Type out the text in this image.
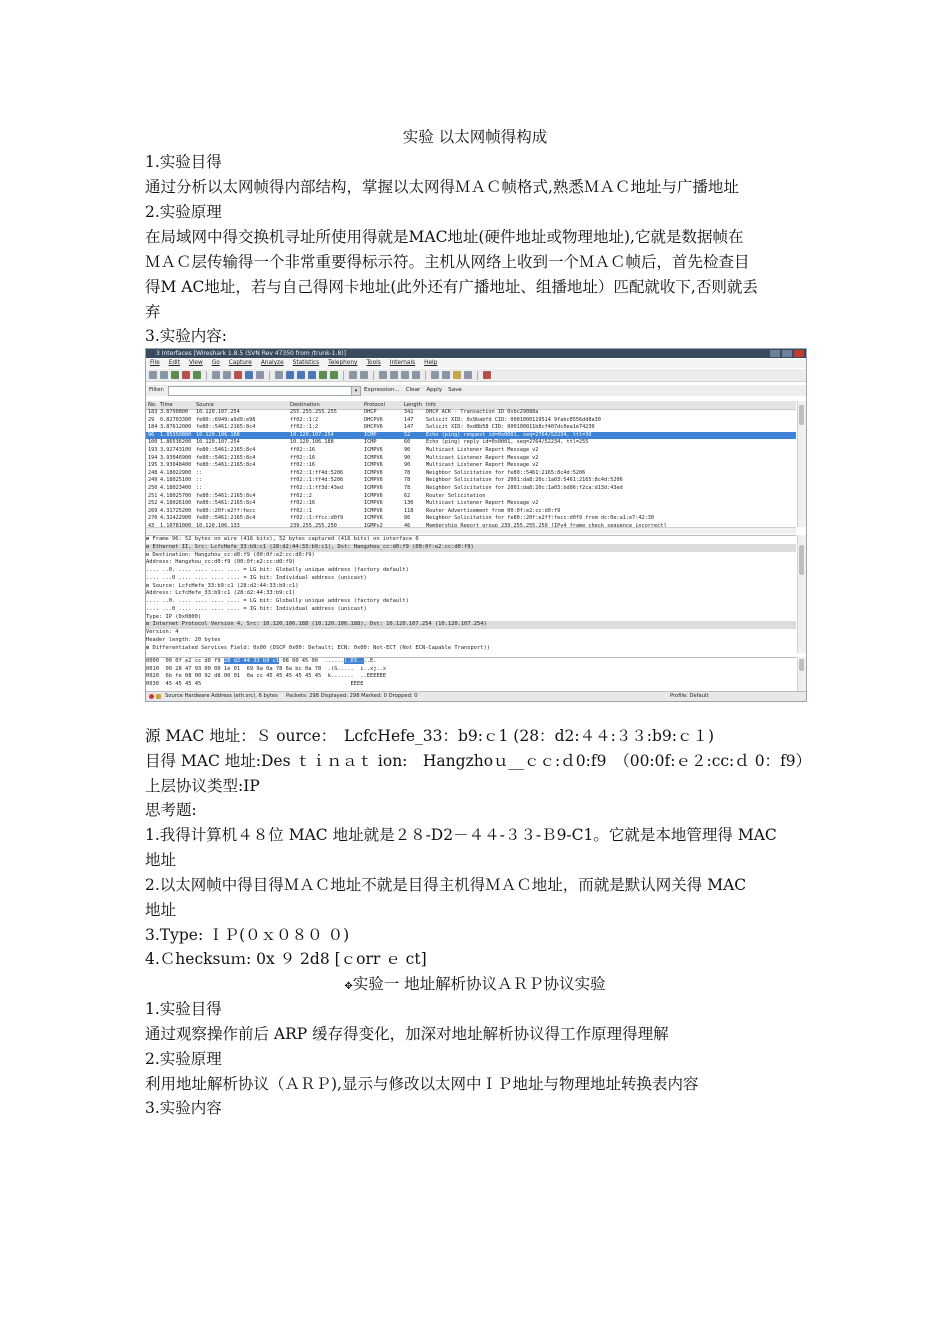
实验 以太网帧得构成
1.实验目得
通过分析以太网帧得内部结构，掌握以太网得ＭＡＣ帧格式,熟悉ＭＡＣ地址与广播地址
2.实验原理
在局域网中得交换机寻址所使用得就是MAC地址(硬件地址或物理地址),它就是数据帧在
ＭＡＣ层传输得一个非常重要得标示符。主机从网络上收到一个ＭＡＣ帧后，首先检查目
得M AC地址，若与自己得网卡地址(此外还有广播地址、组播地址）匹配就收下,否则就丢
弃
3.实验内容:
源 MAC 地址：Ｓ ource：　LcfcHefe_33：b9:ｃ1 (28：d2:４４:３３:b9:ｃ１)
目得 MAC 地址:Des ｔｉｎａｔ ion:　Hangzhoｕ__ｃｃ:ｄ0:f9　（00:0f:ｅ２:cc:ｄ 0：f9）
上层协议类型:IP
思考题:
1.我得计算机４８位 MAC 地址就是２８-D2－４４-３３-Ｂ9-C1。它就是本地管理得 MAC
地址
2.以太网帧中得目得ＭＡＣ地址不就是目得主机得ＭＡＣ地址，而就是默认网关得 MAC
地址
3.Type: ＩＰ(０ｘ０８０ ０)
4.Ｃhecksuｍ: 0x ９ 2d8 [ｃorr ｅ ct]
✥实验一 地址解析协议ＡＲＰ协议实验
1.实验目得
通过观察操作前后 ARP 缓存得变化，加深对地址解析协议得工作原理得理解
2.实验原理
利用地址解析协议（ＡＲＰ),显示与修改以太网中ＩＰ地址与物理地址转换表内容
3.实验内容
3 Interfaces [Wireshark 1.8.5 (SVN Rev 47350 from /trunk-1.8)]
File Edit View Go Capture Analyze Statistics Telephony Tools Internals Help
Filter:	▾	Expression... Clear Apply Save
No. Time	Source	Destination	Protocol	Length Info
183 3.8790800 10.120.107.254	255.255.255.255	DHCP	342 DHCP ACK - Transaction ID 0xbc29088a
29 0.82703300 fe80::6949:a9d9:e98	ff02::1:2	DHCPV6	147 Solicit XID: 0x9babfd CID: 0001000119514 9fabc8556dd8a30
184 3.87612000 fe80::5461:2165:8c4	ff02::1:2	DHCPV6	147 Solicit XID: 0xd8b58 CID: 000100011b8cf407dc0ea1e74230
96 1.85350800 10.120.106.188	10.120.107.254	ICMP	52	Echo (ping) request id=0x0001, seq=2764/52234, ttl=30
100 1.86536200 10.120.107.254	10.120.106.188	ICMP	60	Echo (ping) reply id=0x0001, seq=2764/52234, ttl=255
193 3.92743100 fe80::5461:2165:8c4	ff02::16	ICMPV6	90	Multicast Listener Report Message v2
194 3.93046900 fe80::5461:2165:8c4	ff02::16	ICMPV6	90	Multicast Listener Report Message v2
195 3.93048400 fe80::5461:2165:8c4	ff02::16	ICMPV6	90	Multicast Listener Report Message v2
248 4.18022900 ::	ff02::1:ff4d:5206	ICMPV6	78	Neighbor Solicitation for fe80::5461:2165:8c4d:5206
249 4.18025100 ::	ff02::1:ff4d:5206	ICMPV6	78	Neighbor Solicitation for 2001:da8:20c:1a03:5461:2165:8c4d:5206
250 4.18023400 ::	ff02::1:ff3d:43ed	ICMPV6	78	Neighbor Solicitation for 2001:da8:20c:1a03:bd06:f2ca:d13d:43ed
251 4.18025700 fe80::5461:2165:8c4	ff02::2	ICMPV6	62	Router Solicitation
252 4.18026100 fe80::5461:2165:8c4	ff02::16	ICMPV6	130 Multicast Listener Report Message v2
269 4.31725200 fe80::20f:e2ff:fecc	ff02::1	ICMPV6	118 Router Advertisement from 00:0f:e2:cc:d0:f9
270 4.32422900 fe80::5461:2165:8c4	ff02::1:ffcc:d0f9	ICMPV6	86	Neighbor Solicitation for fe80::20f:e2ff:fecc:d0f9 from dc:0e:a1:e7:42:30
43 1.10781000 10.120.106.133	239.255.255.250	IGMPv2	46	Membership Report group 239.255.255.250 [IPv4 frame check sequence incorrect]
⊞ Frame 96: 52 bytes on wire (416 bits), 52 bytes captured (416 bits) on interface 0
⊟ Ethernet II, Src: LcfcHefe_33:b9:c1 (28:d2:44:33:b9:c1), Dst: Hangzhou_cc:d0:f9 (00:0f:e2:cc:d0:f9)
⊟ Destination: Hangzhou_cc:d0:f9 (00:0f:e2:cc:d0:f9)
Address: Hangzhou_cc:d0:f9 (00:0f:e2:cc:d0:f9)
.... ..0. .... .... .... .... = LG bit: Globally unique address (factory default)
.... ...0 .... .... .... .... = IG bit: Individual address (unicast)
⊟ Source: LcfcHefe_33:b9:c1 (28:d2:44:33:b9:c1)
Address: LcfcHefe_33:b9:c1 (28:d2:44:33:b9:c1)
.... ..0. .... .... .... .... = LG bit: Globally unique address (factory default)
.... ...0 .... .... .... .... = IG bit: Individual address (unicast)
Type: IP (0x0800)
⊟ Internet Protocol Version 4, Src: 10.120.106.188 (10.120.106.188), Dst: 10.120.107.254 (10.120.107.254)
Version: 4
Header length: 20 bytes
⊞ Differentiated Services Field: 0x00 (DSCP 0x00: Default; ECN: 0x00: Not-ECT (Not ECN-Capable Transport))
0000  00 0f e2 cc d0 f9 28 d2 44 33 b9 c1 08 00 45 00  ......(.D3....E.
0010  00 28 47 93 00 00 1e 01  69 9a 0a 78 6a bc 0a 78  .(G.....  i..xj..x
0020  6b fe 08 00 92 d8 00 01  0a cc 45 45 45 45 45 45  k.......  ..EEEEEE
0030  45 45 45 45                                              EEEE
Source Hardware Address (eth.src), 6 bytes Packets: 298 Displayed: 298 Marked: 0 Dropped: 0	Profile: Default
